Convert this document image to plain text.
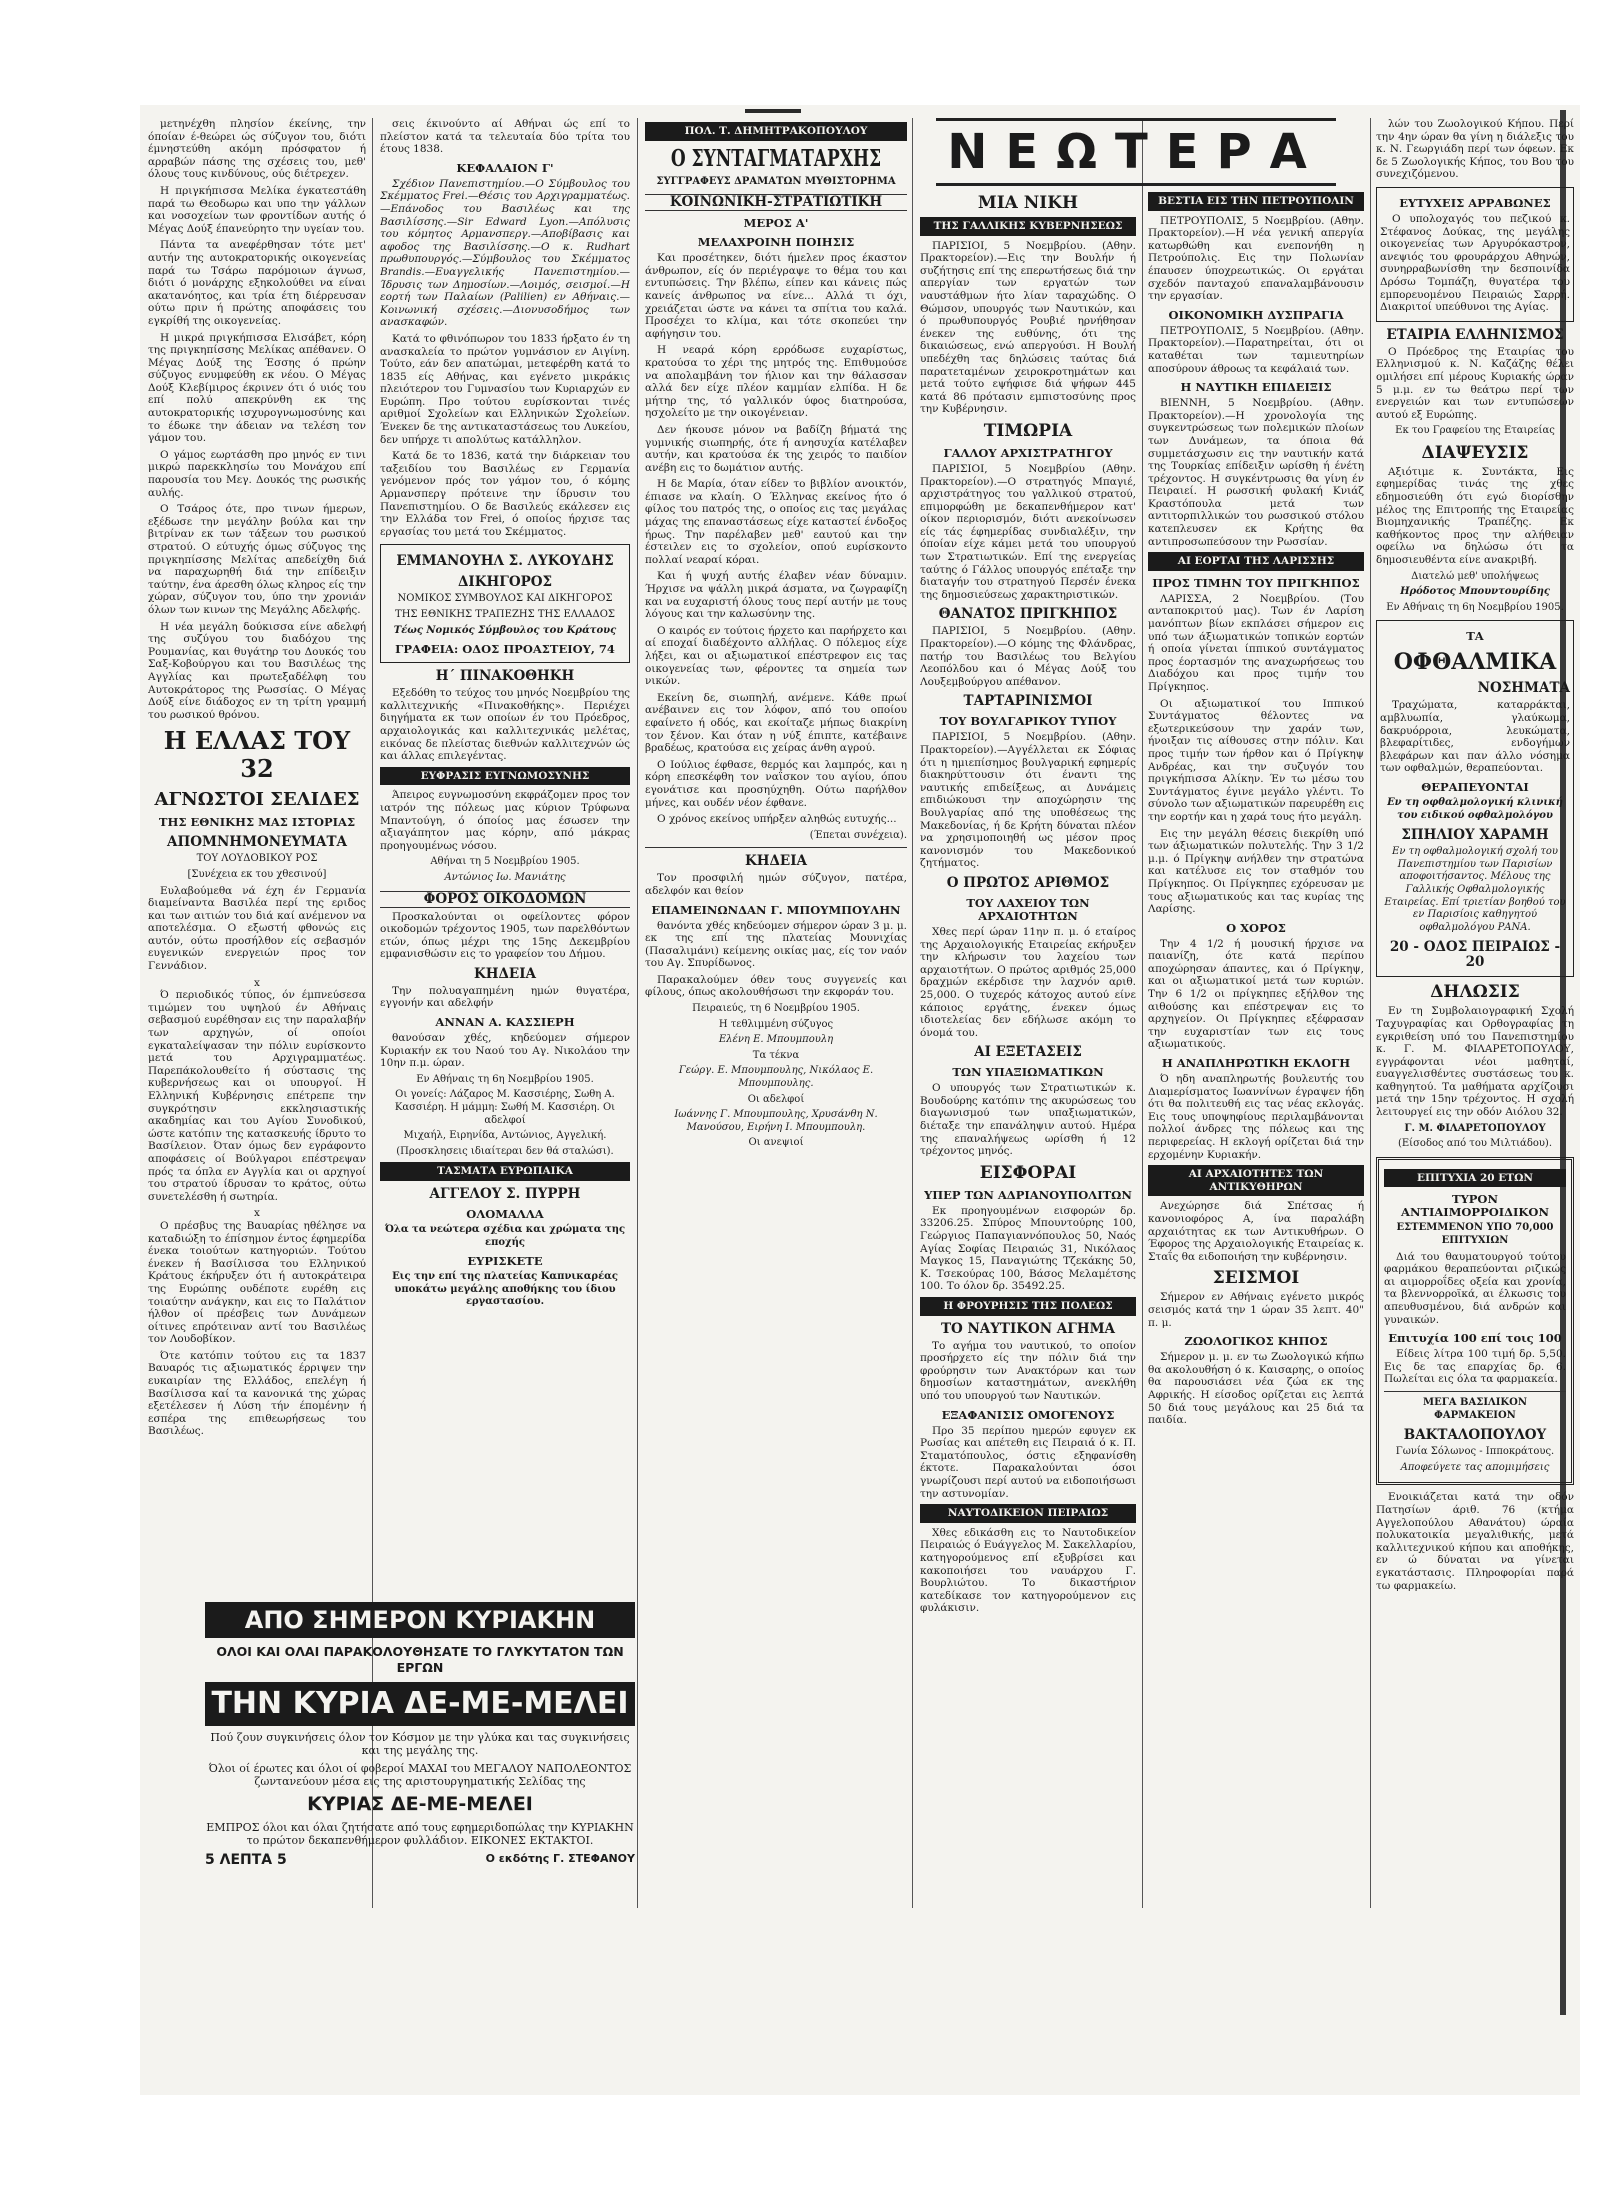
μετηνέχθη πλησίον έκείνης, την όποίαν έ-θεώρει ώς σύζυγον του, διότι έμνηστεύθη ακόμη πρόσφατον ή αρραβών πάσης της σχέσεις του, μεθ' όλους τους κινδύνους, ούς διέτρεχεν.

Η πριγκήπισσα Μελίκα έγκατεστάθη παρά τω Θεοδωρω και υπο την γάλλων και νοσοχείων των φροντίδων αυτής ό Μέγας Δούξ έπανεύρητο την υγείαν του.

Πάντα τα ανεφέρθησαν τότε μετ' αυτήν της αυτοκρατορικής οικογενείας παρά τω Τσάρω παρόμοιων άγνωσ, διότι ό μονάρχης εξηκολούθει να είναι ακατανόητος, και τρία έτη διέρρευσαν ούτω πριν ή πρώτης αποφάσεις του εγκρίθή της οικογενείας.

Η μικρά πριγκήπισσα Ελισάβετ, κόρη της πριγκηπίσσης Μελίκας απέθανεν. Ο Μέγας Δούξ της Έσσης ό πρώην σύζυγος ενυμφεύθη εκ νέου. Ο Μέγας Δούξ Κλεβίμιρος έκρινεν ότι ό υιός του επί πολύ απεκρύνθη εκ της αυτοκρατορικής ισχυρογνωμοσύνης και το έδωκε την άδειαν να τελέση τον γάμον του.

Ο γάμος εωρτάσθη προ μηνός εν τινι μικρώ παρεκκλησίω του Μονάχου επί παρουσία του Μεγ. Δουκός της ρωσικής αυλής.

Ο Τσάρος ότε, προ τινων ήμερων, εξέδωσε την μεγάλην βούλα και την βιτρίναν εκ των τάξεων του ρωσικού στρατού. Ο εύτυχής όμως σύζυγος της πριγκηπίσσης Μελίτας απεδείχθη διά να παραχωρηθή διά την επίδειξιν ταύτην, ένα άρεσθη όλως κληρος είς την χώραν, σύζυγον του, ύπο την χρονιάν όλων των κινων της Μεγάλης Αδελφής.

Η νέα μεγάλη δούκισσα είνε αδελφή της συζύγου του διαδόχου της Ρουμανίας, και θυγάτηρ του Δουκός του Σαξ-Κοβούργου και του Βασιλέως της Αγγλίας και πρωτεξαδέλφη του Αυτοκράτορος της Ρωσσίας. Ο Μέγας Δούξ είνε διάδοχος εν τη τρίτη γραμμή του ρωσικού θρόνου.

Η ΕΛΛΑΣ ΤΟΥ 32
ΑΓΝΩΣΤΟΙ ΣΕΛΙΔΕΣ
ΤΗΣ ΕΘΝΙΚΗΣ ΜΑΣ ΙΣΤΟΡΙΑΣ
ΑΠΟΜΝΗΜΟΝΕΥΜΑΤΑ
ΤΟΥ ΛΟΥΔΟΒΙΚΟΥ ΡΟΣ
[Συνέχεια εκ του χθεσινού]

Ευλαβούμεθα νά έχη έν Γερμανία διαμείναντα Βασιλέα περί της εριδος και των αιτιών του διά καί ανέμενον να αποτελέσμα. Ο εξωστή φθονώς εις αυτόν, ούτω προσήλθον είς σεβασμόν ευγενικών ενεργειών προς τον Γεννάδιον.

x

Ό περιοδικός τύπος, όν έμπνεύσεσα τιμώμεν του υψηλού έν Αθήναις σεβασμού ευρέθησαν εις την παραλαβήν των αρχηγών, οί οποίοι εγκαταλείψασαν την πόλιν ευρίσκοντο μετά του Αρχιγραμματέως. Παρεπάκολουθείτο ή σύστασις της κυβερνήσεως και οι υπουργοί. Η Ελληνική Κυβέρνησις επέτρεπε την συγκρότησιν εκκλησιαστικής ακαδημίας και του Αγίου Συνοδικού, ώστε κατόπιν της κατασκευής ίδρυτο το Βασίλειον. Όταν όμως δεν εγράφοντο αποφάσεις οί Βούλγαροι επέστρεψαν πρός τα όπλα εν Αγγλία και οι αρχηγοί του στρατού ίδρυσαν το κράτος, ούτω συνετελέσθη ή σωτηρία.

x

Ο πρέσβυς της Βαυαρίας ηθέλησε να καταδιώξη το έπίσημον έντος έφημερίδα ένεκα τοιούτων κατηγοριών. Τούτου ένεκεν ή Βασίλισσα του Ελληνικού Κράτους έκήρυξεν ότι ή αυτοκράτειρα της Ευρώπης ουδέποτε ευρέθη εις τοιαύτην ανάγκην, και εις το Παλάτιον ήλθον οί πρέσβεις των Δυνάμεων οίτινες επρότειναν αντί του Βασιλέως τον Λουδοβίκον.

Ότε κατόπιν τούτου εις τα 1837 Βαυαρός τις αξιωματικός έρριψεν την ευκαιρίαν της Ελλάδος, επελέγη ή Βασίλισσα καί τα κανονικά της χώρας εξετέλεσεν ή Λύση τήν έπομένην ή εσπέρα της επιθεωρήσεως του Βασιλέως.

σεις έκινούντο αί Αθήναι ώς επί το πλείστον κατά τα τελευταία δύο τρίτα του έτους 1838.

ΚΕΦΑΛΑΙΟΝ Γ'

Σχέδιον Πανεπιστημίου.—Ο Σύμβουλος του Σκέμματος Frei.—Θέσις του Αρχιγραμματέως.—Επάνοδος του Βασιλέως και της Βασιλίσσης.—Sir Edward Lyon.—Απόλυσις του κόμητος Αρμανσπεργ.—Αποβίβασις και αφοδος της Βασιλίσσης.—Ο κ. Rudhart πρωθυπουργός.—Σύμβουλος του Σκέμματος Brandis.—Ευαγγελικής Πανεπιστημίου.—Ίδρυσις των Δημοσίων.—Λοιμός, σεισμοί.—Η εορτή των Παλαίων (Palilien) εν Αθήναις.—Κοινωνική σχέσεις.—Διονυσοδήμος των ανασκαφών.

Κατά το φθινόπωρον του 1833 ήρξατο έν τη ανασκαλεία το πρώτον γυμνάσιον εν Αιγίνη. Τούτο, εάν δεν απατώμαι, μετεφέρθη κατά το 1835 είς Αθήνας, και εγένετο μικράκις πλειότερον του Γυμνασίου των Κυριαρχών εν Ευρώπη. Προ τούτου ευρίσκονται τινές αριθμοί Σχολείων και Ελληνικών Σχολείων. Ένεκεν δε της αντικαταστάσεως του Λυκείου, δεν υπήρχε τι απολύτως κατάλληλον.

Κατά δε το 1836, κατά την διάρκειαν του ταξειδίου του Βασιλέως εν Γερμανία γενόμενον πρός τον γάμον του, ό κόμης Αρμανσπεργ πρότεινε την ίδρυσιν του Πανεπιστημίου. Ο δε Βασιλεύς εκάλεσεν εις την Ελλάδα τον Frei, ό οποίος ήρχισε τας εργασίας του μετά του Σκέμματος.

ΕΜΜΑΝΟΥΗΛ Σ. ΛΥΚΟΥΔΗΣ
ΔΙΚΗΓΟΡΟΣ
ΝΟΜΙΚΟΣ ΣΥΜΒΟΥΛΟΣ ΚΑΙ ΔΙΚΗΓΟΡΟΣ
ΤΗΣ ΕΘΝΙΚΗΣ ΤΡΑΠΕΖΗΣ ΤΗΣ ΕΛΛΑΔΟΣ
Τέως Νομικός Σύμβουλος του Κράτους
ΓΡΑΦΕΙΑ: ΟΔΟΣ ΠΡΟΑΣΤΕΙΟΥ, 74
Η΄ ΠΙΝΑΚΟΘΗΚΗ

Εξεδόθη το τεύχος του μηνός Νοεμβρίου της καλλιτεχνικής «Πινακοθήκης». Περιέχει διηγήματα εκ των οποίων έν του Πρόεδρος, αρχαιολογικάς και καλλιτεχνικάς μελέτας, εικόνας δε πλείστας διεθνών καλλιτεχνών ώς και άλλας επιλεγέντας.

ΕΥΦΡΑΣΙΣ ΕΥΓΝΩΜΟΣΥΝΗΣ

Άπειρος ευγνωμοσύνη εκφράζομεν προς τον ιατρόν της πόλεως μας κύριον Τρύφωνα Μπαντούγη, ό όποίος μας έσωσεν την αξιαγάπητον μας κόρην, από μάκρας προηγουμένως νόσου.

Αθήναι τη 5 Νοεμβρίου 1905.
Αντώνιος Ιω. Μανιάτης
ΦΟΡΟΣ ΟΙΚΟΔΟΜΩΝ

Προσκαλούνται οι οφείλοντες φόρον οικοδομών τρέχοντος 1905, των παρελθόντων ετών, όπως μέχρι της 15ης Δεκεμβρίου εμφανισθώσιν εις το γραφείον του Δήμου.

ΚΗΔΕΙΑ

Την πολυαγαπημένη ημών θυγατέρα, εγγονήν και αδελφήν

ΑΝΝΑΝ Α. ΚΑΣΣΙΕΡΗ

θανούσαν χθές, κηδεύομεν σήμερον Κυριακήν εκ του Ναού του Αγ. Νικολάου την 10ην π.μ. ώραν.

Εν Αθήναις τη 6η Νοεμβρίου 1905.
Οι γονείς: Λάζαρος Μ. Κασσιέρης, Σωθη Α. Κασσιέρη. Η μάμμη: Σωθή Μ. Κασσιέρη. Οι αδελφοί
Μιχαήλ, Ειρηνίδα, Αντώνιος, Αγγελική.
(Προσκλησεις ιδιαίτεραι δεν θά σταλώσι).
ΤΑΣΜΑΤΑ ΕΥΡΩΠΑΙΚΑ
ΑΓΓΕΛΟΥ Σ. ΠΥΡΡΗ
ΟΛΟΜΑΛΛΑ
Όλα τα νεώτερα σχέδια και χρώματα της εποχής
ΕΥΡΙΣΚΕΤΕ
Εις την επί της πλατείας Καπνικαρέας υποκάτω μεγάλης αποθήκης του ίδιου εργαστασίου.
ΠΟΛ. Τ. ΔΗΜΗΤΡΑΚΟΠΟΥΛΟΥ
Ο ΣΥΝΤΑΓΜΑΤΑΡΧΗΣ
ΣΥΓΓΡΑΦΕΥΣ ΔΡΑΜΑΤΩΝ ΜΥΘΙΣΤΟΡΗΜΑ
ΚΟΙΝΩΝΙΚΗ-ΣΤΡΑΤΙΩΤΙΚΗ
ΜΕΡΟΣ Α'
ΜΕΛΑΧΡΟΙΝΗ ΠΟΙΗΣΙΣ

Και προσέτηκεν, διότι ήμελεν προς έκαστον άνθρωπον, είς όν περιέγραψε το θέμα του και εντυπώσεις. Την βλέπω, είπεν και κάνεις πώς κανείς άνθρωπος να είνε... Αλλά τι όχι, χρειάζεται ώστε να κάνει τα σπίτια του καλά. Προσέχει το κλίμα, και τότε σκοπεύει την αφήγησιν του.

Η νεαρά κόρη ερρόδωσε ευχαρίστως, κρατούσα το χέρι της μητρός της. Επιθυμούσε να απολαμβάνη τον ήλιον και την θάλασσαν αλλά δεν είχε πλέον καμμίαν ελπίδα. Η δε μήτηρ της, τό γαλλικόν ύφος διατηρούσα, ησχολείτο με την οικογένειαν.

Δεν ήκουσε μόνον να βαδίζη βήματά της γυμνικής σιωπηρής, ότε ή ανησυχία κατέλαβεν αυτήν, και κρατούσα έκ της χειρός το παιδίον ανέβη εις το δωμάτιον αυτής.

Η δε Μαρία, όταν είδεν το βιβλίον ανοικτόν, έπιασε να κλαίη. Ο Έλληνας εκείνος ήτο ό φίλος του πατρός της, ο οποίος εις τας μεγάλας μάχας της επαναστάσεως είχε καταστεί ένδοξος ήρως. Την παρέλαβεν μεθ' εαυτού και την έστειλεν εις το σχολείον, οπού ευρίσκοντο πολλαί νεαραί κόραι.

Και ή ψυχή αυτής έλαβεν νέαν δύναμιν. Ήρχισε να ψάλλη μικρά άσματα, να ζωγραφίζη και να ευχαριστή όλους τους περί αυτήν με τους λόγους και την καλωσύνην της.

Ο καιρός εν τούτοις ήρχετο και παρήρχετο και αί εποχαί διαδέχοντο αλλήλας. Ο πόλεμος είχε λήξει, και οι αξιωματικοί επέστρεφον εις τας οικογενείας των, φέροντες τα σημεία των νικών.

Εκείνη δε, σιωπηλή, ανέμενε. Κάθε πρωί ανέβαινεν εις τον λόφον, από του οποίου εφαίνετο ή οδός, και εκοίταζε μήπως διακρίνη τον ξένον. Και όταν η νύξ έπιπτε, κατέβαινε βραδέως, κρατούσα εις χείρας άνθη αγρού.

Ο Ιούλιος έφθασε, θερμός και λαμπρός, και η κόρη επεσκέφθη τον ναΐσκον του αγίου, όπου εγονάτισε και προσηύχηθη. Ούτω παρήλθον μήνες, και ουδέν νέον έφθανε.

Ο χρόνος εκείνος υπήρξεν αληθώς ευτυχής...

(Έπεται συνέχεια).
ΚΗΔΕΙΑ

Τον προσφιλή ημών σύζυγον, πατέρα, αδελφόν και θείον

ΕΠΑΜΕΙΝΩΝΔΑΝ Γ. ΜΠΟΥΜΠΟΥΛΗΝ

θανόντα χθές κηδεύομεν σήμερον ώραν 3 μ. μ. εκ της επί της πλατείας Μουνιχίας (Πασαλιμάνι) κείμενης οικίας μας, είς τον ναόν του Αγ. Σπυρίδωνος.

Παρακαλούμεν όθεν τους συγγενείς και φίλους, όπως ακολουθήσωσι την εκφοράν του.

Πειραιεύς, τη 6 Νοεμβρίου 1905.
Η τεθλιμμένη σύζυγος
Ελένη Ε. Μπουμπουλη
Τα τέκνα
Γεώργ. Ε. Μπουμπουλης, Νικόλαος Ε. Μπουμπουλης.
Οι αδελφοί
Ιωάννης Γ. Μπουμπουλης, Χρυσάνθη Ν. Μανούσου, Ειρήνη Ι. Μπουμπουλη.
Οι ανεψιοί
ΝΕΩΤΕΡΑ
ΜΙΑ ΝΙΚΗ
ΤΗΣ ΓΑΛΛΙΚΗΣ ΚΥΒΕΡΝΗΣΕΩΣ

ΠΑΡΙΣΙΟΙ, 5 Νοεμβρίου. (Αθην. Πρακτορείον).—Εις την Βουλήν ή συζήτησις επί της επερωτήσεως διά την απεργίαν των εργατών των ναυστάθμων ήτο λίαν ταραχώδης. Ο Θώμσον, υπουργός των Ναυτικών, και ό πρωθυπουργός Ρουβιέ ηρνήθησαν ένεκεν της ευθύνης, ότι της δικαιώσεως, ενώ απεργούσι. Η Βουλή υπεδέχθη τας δηλώσεις ταύτας διά παρατεταμένων χειροκροτημάτων και μετά τούτο εψήφισε διά ψήφων 445 κατά 86 πρότασιν εμπιστοσύνης προς την Κυβέρνησιν.

ΤΙΜΩΡΙΑ
ΓΑΛΛΟΥ ΑΡΧΙΣΤΡΑΤΗΓΟΥ

ΠΑΡΙΣΙΟΙ, 5 Νοεμβρίου (Αθην. Πρακτορείον).—Ο στρατηγός Μπαγιέ, αρχιστράτηγος του γαλλικού στρατού, επιμορφώθη με δεκαπενθήμερον κατ' οίκον περιορισμόν, διότι ανεκοίνωσεν είς τάς έφημερίδας συνδιαλέξιν, την όποίαν είχε κάμει μετά του υπουργού των Στρατιωτικών. Επί της ενεργείας ταύτης ό Γάλλος υπουργός επέταξε την διαταγήν του στρατηγού Περσέν ένεκα της δημοσιεύσεως χαρακτηριστικών.

ΘΑΝΑΤΟΣ ΠΡΙΓΚΗΠΟΣ

ΠΑΡΙΣΙΟΙ, 5 Νοεμβρίου. (Αθην. Πρακτορείον).—Ο κόμης της Φλάνδρας, πατήρ του Βασιλέως του Βελγίου Λεοπόλδου και ό Μέγας Δούξ του Λουξεμβούργου απέθανον.

ΤΑΡΤΑΡΙΝΙΣΜΟΙ
ΤΟΥ ΒΟΥΛΓΑΡΙΚΟΥ ΤΥΠΟΥ

ΠΑΡΙΣΙΟΙ, 5 Νοεμβρίου. (Αθην. Πρακτορείον).—Αγγέλλεται εκ Σόφιας ότι η ημιεπίσημος βουλγαρική εφημερίς διακηρύττουσιν ότι έναντι της ναυτικής επιδείξεως, αι Δυνάμεις επιδιώκουσι την αποχώρησιν της Βουλγαρίας από της υποθέσεως της Μακεδονίας, ή δε Κρήτη δύναται πλέον να χρησιμοποιηθή ως μέσον προς κανονισμόν του Μακεδονικού ζητήματος.

Ο ΠΡΩΤΟΣ ΑΡΙΘΜΟΣ
ΤΟΥ ΛΑΧΕΙΟΥ ΤΩΝ ΑΡΧΑΙΟΤΗΤΩΝ

Χθες περί ώραν 11ην π. μ. ό εταίρος της Αρχαιολογικής Εταιρείας εκήρυξεν την κλήρωσιν του λαχείου των αρχαιοτήτων. Ο πρώτος αριθμός 25,000 δραχμών εκέρδισε την λαχνόν αριθ. 25,000. Ο τυχερός κάτοχος αυτού είνε κάποιος εργάτης, ένεκεν όμως ιδιοτελείας δεν εδήλωσε ακόμη το όνομά του.

ΑΙ ΕΞΕΤΑΣΕΙΣ
ΤΩΝ ΥΠΑΞΙΩΜΑΤΙΚΩΝ

Ο υπουργός των Στρατιωτικών κ. Βουδούρης κατόπιν της ακυρώσεως του διαγωνισμού των υπαξιωματικών, διέταξε την επανάληψιν αυτού. Ημέρα της επαναλήψεως ωρίσθη ή 12 τρέχοντος μηνός.

ΕΙΣΦΟΡΑΙ
ΥΠΕΡ ΤΩΝ ΑΔΡΙΑΝΟΥΠΟΛΙΤΩΝ

Εκ προηγουμένων εισφορών δρ. 33206.25. Σπύρος Μπουντούρης 100, Γεώργιος Παπαγιαννόπουλος 50, Ναός Αγίας Σοφίας Πειραιώς 31, Νικόλαος Μαγκος 15, Παναγιώτης Τζεκάκης 50, Κ. Τσεκούρας 100, Βάσος Μελαμέτσης 100. Το όλον δρ. 35492.25.

Η ΦΡΟΥΡΗΣΙΣ ΤΗΣ ΠΟΛΕΩΣ
ΤΟ ΝΑΥΤΙΚΟΝ ΑΓΗΜΑ

Το αγήμα του ναυτικού, το οποίον προσήρχετο είς την πόλιν διά την φρούρησιν των Ανακτόρων και των δημοσίων καταστημάτων, ανεκλήθη υπό του υπουργού των Ναυτικών.

ΕΞΑΦΑΝΙΣΙΣ ΟΜΟΓΕΝΟΥΣ

Προ 35 περίπου ημερών εφυγεν εκ Ρωσίας και απέτεθη εις Πειραιά ό κ. Π. Σταματόπουλος, όστις εξηφανίσθη έκτοτε. Παρακαλούνται όσοι γνωρίζουσι περί αυτού να ειδοποιήσωσι την αστυνομίαν.

ΝΑΥΤΟΔΙΚΕΙΟΝ ΠΕΙΡΑΙΩΣ

Χθες εδικάσθη εις το Ναυτοδικείον Πειραιώς ό Ευάγγελος Μ. Σακελλαρίου, κατηγορούμενος επί εξυβρίσει και κακοποιήσει του ναυάρχου Γ. Βουρλιώτου. Το δικαστήριον κατεδίκασε τον κατηγορούμενον εις φυλάκισιν.

ΒΕΣΤΙΑ ΕΙΣ ΤΗΝ ΠΕΤΡΟΥΠΟΛΙΝ

ΠΕΤΡΟΥΠΟΛΙΣ, 5 Νοεμβρίου. (Αθην. Πρακτορείον).—Η νέα γενική απεργία κατωρθώθη και ενεπονήθη η Πετρούπολις. Εις την Πολωνίαν έπαυσεν ύποχρεωτικώς. Οι εργάται σχεδόν πανταχού επαναλαμβάνουσιν την εργασίαν.

ΟΙΚΟΝΟΜΙΚΗ ΔΥΣΠΡΑΓΙΑ

ΠΕΤΡΟΥΠΟΛΙΣ, 5 Νοεμβρίου. (Αθην. Πρακτορείον).—Παρατηρείται, ότι οι καταθέται των ταμιευτηρίων αποσύρουν άθροως τα κεφάλαιά των.

Η ΝΑΥΤΙΚΗ ΕΠΙΔΕΙΞΙΣ

ΒΙΕΝΝΗ, 5 Νοεμβρίου. (Αθην. Πρακτορείον).—Η χρονολογία της συγκεντρώσεως των πολεμικών πλοίων των Δυνάμεων, τα όποια θά συμμετάσχωσιν εις την ναυτικήν κατά της Τουρκίας επίδειξιν ωρίσθη ή ένέτη τρέχοντος. Η συγκέντρωσις θα γίνη έν Πειραιεί. Η ρωσσική φυλακή Κνιάζ Κραστόπουλα μετά των αντιτορπιλλικών του ρωσσικού στόλου κατεπλευσεν εκ Κρήτης θα αντιπροσωπεύσουν την Ρωσσίαν.

ΑΙ ΕΟΡΤΑΙ ΤΗΣ ΛΑΡΙΣΣΗΣ
ΠΡΟΣ ΤΙΜΗΝ ΤΟΥ ΠΡΙΓΚΗΠΟΣ

ΛΑΡΙΣΣΑ, 2 Νοεμβρίου. (Του ανταποκριτού μας). Των έν Λαρίση μανόπτων βίων εκπλάσει σήμερον εις υπό των άξιωματικών τοπικών εορτών ή οποία γίνεται ίππικού συντάγματος προς έορτασμόν της αναχωρήσεως του Διαδόχου και προς τιμήν του Πρίγκηπος.

Οι αξιωματικοί του Ιππικού Συντάγματος θέλοντες να εξωτερικεύσουν την χαράν των, ήνοιξαν τις αίθουσες στην πόλιν. Και προς τιμήν των ήρθον και ό Πρίγκηψ Ανδρέας, και την συζυγόν του πριγκήπισσα Αλίκην. Έν τω μέσω του Συντάγματος έγινε μεγάλο γλέντι. Το σύνολο των αξιωματικών παρευρέθη εις την εορτήν και η χαρά τους ήτο μεγάλη.

Εις την μεγάλη θέσεις διεκρίθη υπό των άξιωματικών πολυτελής. Την 3 1/2 μ.μ. ό Πρίγκηψ ανήλθεν την στρατώνα και κατέλυσε εις τον σταθμόν του Πρίγκηπος. Οι Πρίγκηπες εχόρευσαν με τους αξιωματικούς και τας κυρίας της Λαρίσης.

Ο ΧΟΡΟΣ

Την 4 1/2 ή μουσική ήρχισε να παιανίζη, ότε κατά περίπου αποχώρησαν άπαντες, και ό Πρίγκηψ, και οι αξιωματικοί μετά των κυριών. Την 6 1/2 οι πρίγκηπες εξήλθον της αιθούσης και επέστρεψαν εις το αρχηγείον. Οι Πρίγκηπες εξέφρασαν την ευχαριστίαν των εις τους αξιωματικούς.

Η ΑΝΑΠΛΗΡΩΤΙΚΗ ΕΚΛΟΓΗ

Ό ηδη αναπληρωτής βουλευτής του Διαμερίσματος Ιωαννίνων έγραψεν ήδη ότι θα πολιτευθή εις τας νέας εκλογάς. Εις τους υποψηφίους περιλαμβάνονται πολλοί άνδρες της πόλεως και της περιφερείας. Η εκλογή ορίζεται διά την ερχομένην Κυριακήν.

ΑΙ ΑΡΧΑΙΟΤΗΤΕΣ ΤΩΝ ΑΝΤΙΚΥΘΗΡΩΝ

Ανεχώρησε διά Σπέτσας ή κανονιοφόρος Α, ίνα παραλάβη αρχαιότητας εκ των Αντικυθήρων. Ο Έφορος της Αρχαιολογικής Εταιρείας κ. Σταΐς θα ειδοποιήση την κυβέρνησιν.

ΣΕΙΣΜΟΙ

Σήμερον εν Αθήναις εγένετο μικρός σεισμός κατά την 1 ώραν 35 λεπτ. 40" π. μ.

ΖΩΟΛΟΓΙΚΟΣ ΚΗΠΟΣ

Σήμερον μ. μ. εν τω Ζωολογικώ κήπω θα ακολουθήση ό κ. Καισαρης, ο οποίος θα παρουσιάσει νέα ζώα εκ της Αφρικής. Η είσοδος ορίζεται εις λεπτά 50 διά τους μεγάλους και 25 διά τα παιδία.

λών του Ζωολογικού Κήπου. Περί την 4ην ώραν θα γίνη η διάλεξις του κ. Ν. Γεωργιάδη περί των όφεων. Εκ δε 5 Ζωολογικής Κήπος, του Βου του συνεχιζόμενου.

ΕΥΤΥΧΕΙΣ ΑΡΡΑΒΩΝΕΣ

Ο υπολοχαγός του πεζικού κ. Στέφανος Δούκας, της μεγάλης οικογενείας των Αργυρόκαστρον, ανεψιός του φρουράρχου Αθηνών, συνηρραβωνίσθη την δεσποινίδα Δρόσω Τομπάζη, θυγατέρα του εμπορευομένου Πειραιώς Σαρρή. Διακριτοί υπεύθυνοι της Αγίας.

ΕΤΑΙΡΙΑ ΕΛΛΗΝΙΣΜΟΣ

Ο Πρόεδρος της Εταιρίας του Ελληνισμού κ. Ν. Καζάζης θέλει ομιλήσει επί μέρους Κυριακής ώραν 5 μ.μ. εν τω θεάτρω περί των ενεργειών και των εντυπώσεων αυτού εξ Ευρώπης.

Εκ του Γραφείου της Εταιρείας
ΔΙΑΨΕΥΣΙΣ

Αξιότιμε κ. Συντάκτα, Εις εφημερίδας τινάς της χθες εδημοσιεύθη ότι εγώ διορίσθην μέλος της Επιτροπής της Εταιρείας Βιομηχανικής Τραπέζης. Εκ καθήκοντος προς την αλήθειαν οφείλω να δηλώσω ότι τα δημοσιευθέντα είνε ανακριβή.

Διατελώ μεθ' υπολήψεως
Ηρόδοτος Μπουντουρίδης
Εν Αθήναις τη 6η Νοεμβρίου 1905.
ΤΑ
ΟΦΘΑΛΜΙΚΑ
ΝΟΣΗΜΑΤΑ

Τραχώματα, καταρράκται, αμβλυωπία, γλαύκωμα, δακρυόρροια, λευκώματα, βλεφαρίτιδες, ενδογήμων βλεφάρων και παν άλλο νόσημα των οφθαλμών, θεραπεύονται.

ΘΕΡΑΠΕΥΟΝΤΑΙ
Εν τη οφθαλμολογική κλινική του ειδικού οφθαλμολόγου
ΣΠΗΛΙΟΥ ΧΑΡΑΜΗ
Εν τη οφθαλμολογική σχολή του Πανεπιστημίου των Παρισίων αποφοιτήσαντος. Μέλους της Γαλλικής Οφθαλμολογικής Εταιρείας. Επί τριετίαν βοηθού του εν Παρισίοις καθηγητού οφθαλμολόγου ΡΑΝΑ.
20 - ΟΔΟΣ ΠΕΙΡΑΙΩΣ - 20
ΔΗΛΩΣΙΣ

Εν τη Συμβολαιογραφική Σχολή Ταχυγραφίας και Ορθογραφίας τη εγκριθείση υπό του Πανεπιστημίου κ. Γ. Μ. ΦΙΛΑΡΕΤΟΠΟΥΛΟΥ, εγγράφονται νέοι μαθηταί, ευαγγελισθέντες συστάσεως του κ. καθηγητού. Τα μαθήματα αρχίζουσι μετά την 15ην τρέχοντος. Η σχολή λειτουργεί εις την οδόν Αιόλου 32.

Γ. Μ. ΦΙΛΑΡΕΤΟΠΟΥΛΟΥ
(Είσοδος από του Μιλτιάδου).
ΕΠΙΤΥΧΙΑ 20 ΕΤΩΝ
ΤΥΡΟΝ ΑΝΤΙΑΙΜΟΡΡΟΙΔΙΚΟΝ
ΕΣΤΕΜΜΕΝΟΝ ΥΠΟ 70,000 ΕΠΙΤΥΧΙΩΝ

Διά του θαυματουργού τούτου φαρμάκου θεραπεύονται ριζικώς αι αιμορροΐδες οξεία και χρονία, τα βλεννορροϊκά, αι έλκωσις του απευθυσμένου, διά ανδρών και γυναικών.

Επιτυχία 100 επί τοις 100

Είδεις λίτρα 100 τιμή δρ. 5,50. Εις δε τας επαρχίας δρ. 6. Πωλείται εις όλα τα φαρμακεία.

ΜΕΓΑ ΒΑΣΙΛΙΚΟΝ ΦΑΡΜΑΚΕΙΟΝ
ΒΑΚΤΑΛΟΠΟΥΛΟΥ
Γωνία Σόλωνος - Ιπποκράτους.
Αποφεύγετε τας απομιμήσεις

Ενοικιάζεται κατά την οδόν Πατησίων άριθ. 76 (κτήμα Αγγελοπούλου Αθανάτου) ώραία πολυκατοικία μεγαλιθικής, μετά καλλιτεχνικού κήπου και αποθήκης, εν ώ δύναται να γίνεται εγκατάστασις. Πληροφορίαι παρά τω φαρμακείω.

ΑΠΟ ΣΗΜΕΡΟΝ ΚΥΡΙΑΚΗΝ
ΟΛΟΙ ΚΑΙ ΟΛΑΙ ΠΑΡΑΚΟΛΟΥΘΗΣΑΤΕ ΤΟ ΓΛΥΚΥΤΑΤΟΝ ΤΩΝ ΕΡΓΩΝ
ΤΗΝ ΚΥΡΙΑ ΔΕ-ΜΕ-ΜΕΛΕΙ
Πού ζουν συγκινήσεις όλον τον Κόσμον με την γλύκα και τας συγκινήσεις και της μεγάλης της.
Όλοι οί έρωτες και όλοι οί φοβεροί ΜΑΧΑΙ του ΜΕΓΑΛΟΥ ΝΑΠΟΛΕΟΝΤΟΣ ζωντανεύουν μέσα εις της αριστουργηματικής Σελίδας της
ΚΥΡΙΑΣ ΔΕ-ΜΕ-ΜΕΛΕΙ
ΕΜΠΡΟΣ όλοι και όλαι ζητήσατε από τους εφημεριδοπώλας την ΚΥΡΙΑΚΗΝ το πρώτον δεκαπενθήμερον φυλλάδιον. ΕΙΚΟΝΕΣ ΕΚΤΑΚΤΟΙ.
5 ΛΕΠΤΑ 5	Ο εκδότης Γ. ΣΤΕΦΑΝΟΥ
